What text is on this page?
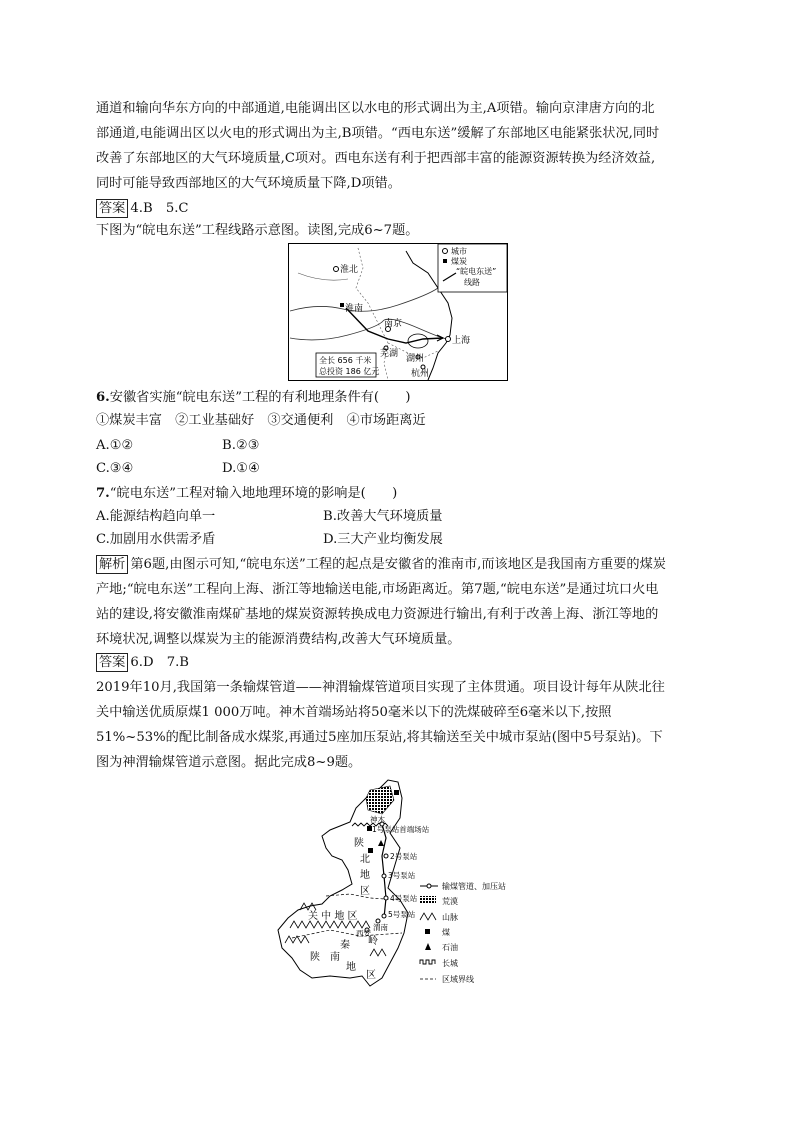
通道和输向华东方向的中部通道,电能调出区以水电的形式调出为主,A项错。输向京津唐方向的北
部通道,电能调出区以火电的形式调出为主,B项错。“西电东送”缓解了东部地区电能紧张状况,同时
改善了东部地区的大气环境质量,C项对。西电东送有利于把西部丰富的能源资源转换为经济效益,
同时可能导致西部地区的大气环境质量下降,D项错。
答案 4.B　5.C
下图为“皖电东送”工程线路示意图。读图,完成6~7题。
淮北
淮南
南京
芜湖 湖州
杭州
上海
全长 656 千米
总投资 186 亿元
城市
煤炭
“皖电东送”
线路
6.安徽省实施“皖电东送”工程的有利地理条件有(　　)
①煤炭丰富　②工业基础好　③交通便利　④市场距离近
A.①②	B.②③
C.③④	D.①④
7.“皖电东送”工程对输入地地理环境的影响是(　　)
A.能源结构趋向单一	B.改善大气环境质量
C.加剧用水供需矛盾	D.三大产业均衡发展
解析 第6题,由图示可知,“皖电东送”工程的起点是安徽省的淮南市,而该地区是我国南方重要的煤炭
产地;“皖电东送”工程向上海、浙江等地输送电能,市场距离近。第7题,“皖电东送”是通过坑口火电
站的建设,将安徽淮南煤矿基地的煤炭资源转换成电力资源进行输出,有利于改善上海、浙江等地的
环境状况,调整以煤炭为主的能源消费结构,改善大气环境质量。
答案 6.D　7.B
2019年10月,我国第一条输煤管道——神渭输煤管道项目实现了主体贯通。项目设计每年从陕北往
关中输送优质原煤1 000万吨。神木首端场站将50毫米以下的洗煤破碎至6毫米以下,按照
51%~53%的配比制备成水煤浆,再通过5座加压泵站,将其输送至关中城市泵站(图中5号泵站)。下
图为神渭输煤管道示意图。据此完成8~9题。
神木
1号泵站首端场站
2号泵站
3号泵站
4号泵站
5号泵站
西安
渭南
陕
北
地
区
关 中 地 区
秦 岭
陕 南
地
区
输煤管道、加压站
荒漠
山脉
煤
石油
长城
区域界线
